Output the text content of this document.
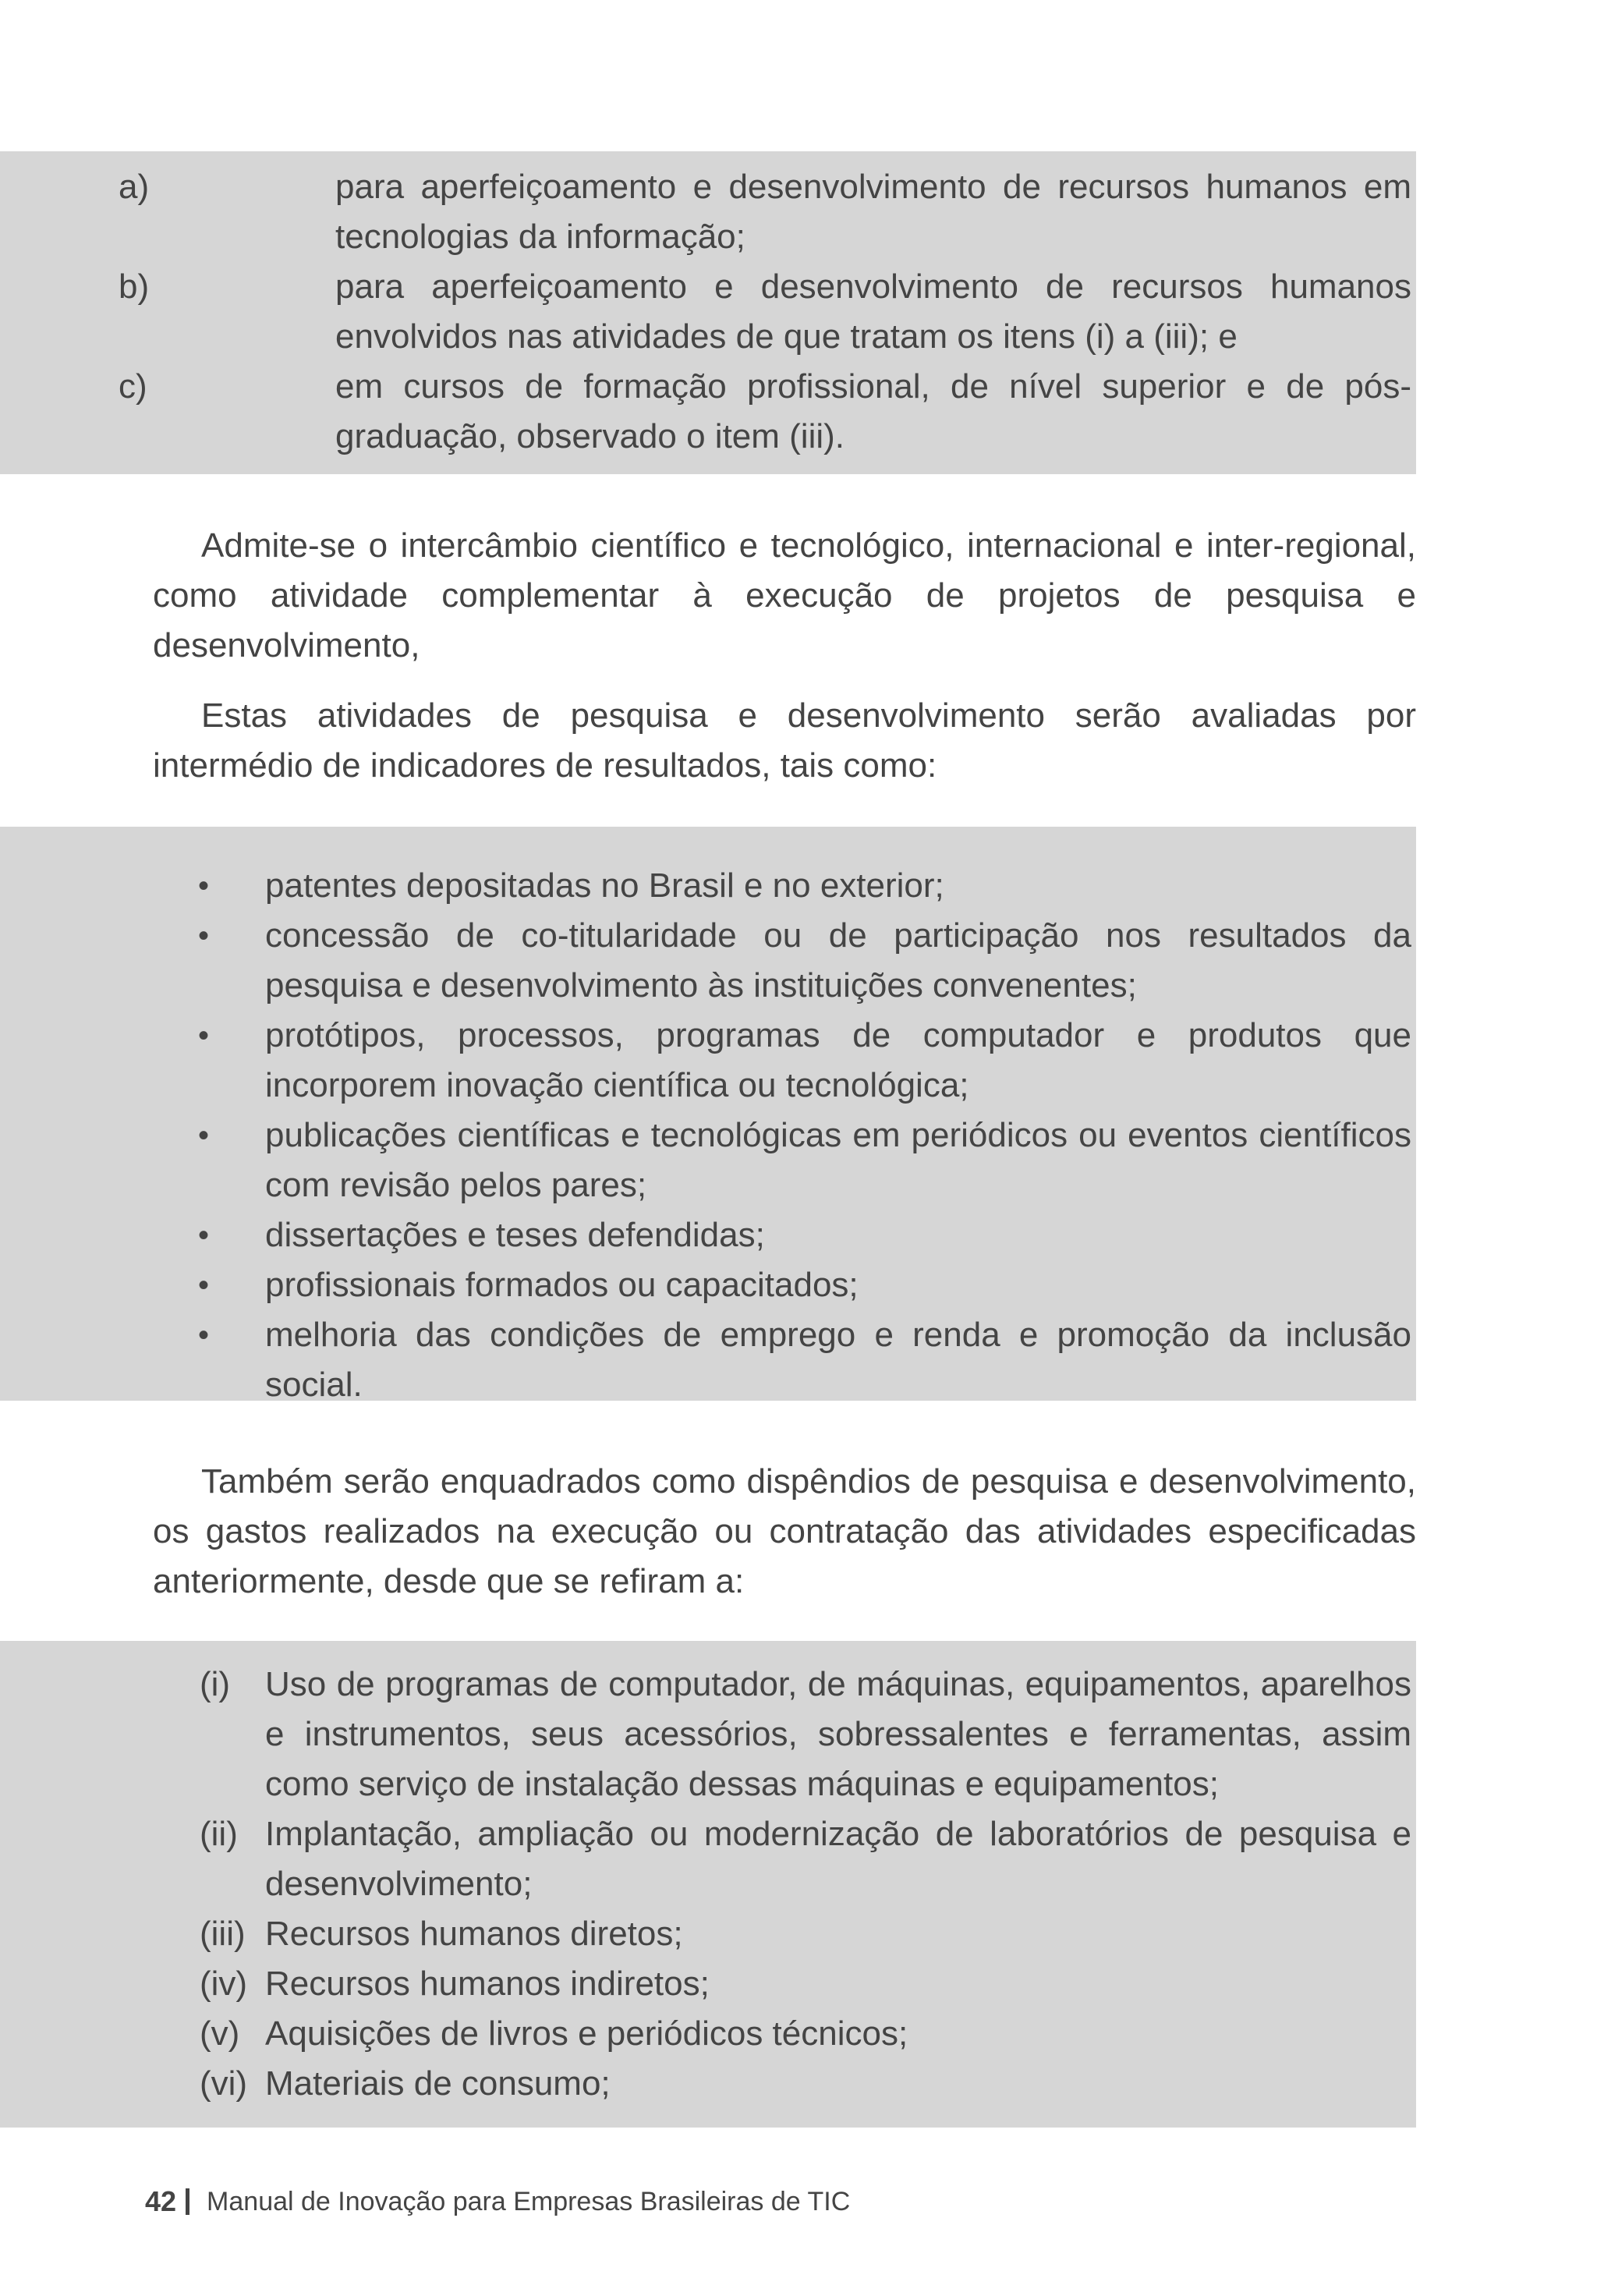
a)	para aperfeiçoamento e desenvolvimento de recursos humanos em tecnologias da informação;
b)	para aperfeiçoamento e desenvolvimento de recursos humanos envolvidos nas atividades de que tratam os itens (i) a (iii); e
c)	em cursos de formação profissional, de nível superior e de pós-graduação, observado o item (iii).

Admite-se o intercâmbio científico e tecnológico, internacional e inter-regional, como atividade complementar à execução de projetos de pesquisa e desenvolvimento,

Estas atividades de pesquisa e desenvolvimento serão avaliadas por intermédio de indicadores de resultados, tais como:

• patentes depositadas no Brasil e no exterior;
• concessão de co-titularidade ou de participação nos resultados da pesquisa e desenvolvimento às instituições convenentes;
• protótipos, processos, programas de computador e produtos que incorporem inovação científica ou tecnológica;
• publicações científicas e tecnológicas em periódicos ou eventos científicos com revisão pelos pares;
• dissertações e teses defendidas;
• profissionais formados ou capacitados;
• melhoria das condições de emprego e renda e promoção da inclusão social.

Também serão enquadrados como dispêndios de pesquisa e desenvolvimento, os gastos realizados na execução ou contratação das atividades especificadas anteriormente, desde que se refiram a:

(i) Uso de programas de computador, de máquinas, equipamentos, aparelhos e instrumentos, seus acessórios, sobressalentes e ferramentas, assim como serviço de instalação dessas máquinas e equipamentos;
(ii) Implantação, ampliação ou modernização de laboratórios de pesquisa e desenvolvimento;
(iii) Recursos humanos diretos;
(iv) Recursos humanos indiretos;
(v) Aquisições de livros e periódicos técnicos;
(vi) Materiais de consumo;
42 Manual de Inovação para Empresas Brasileiras de TIC
